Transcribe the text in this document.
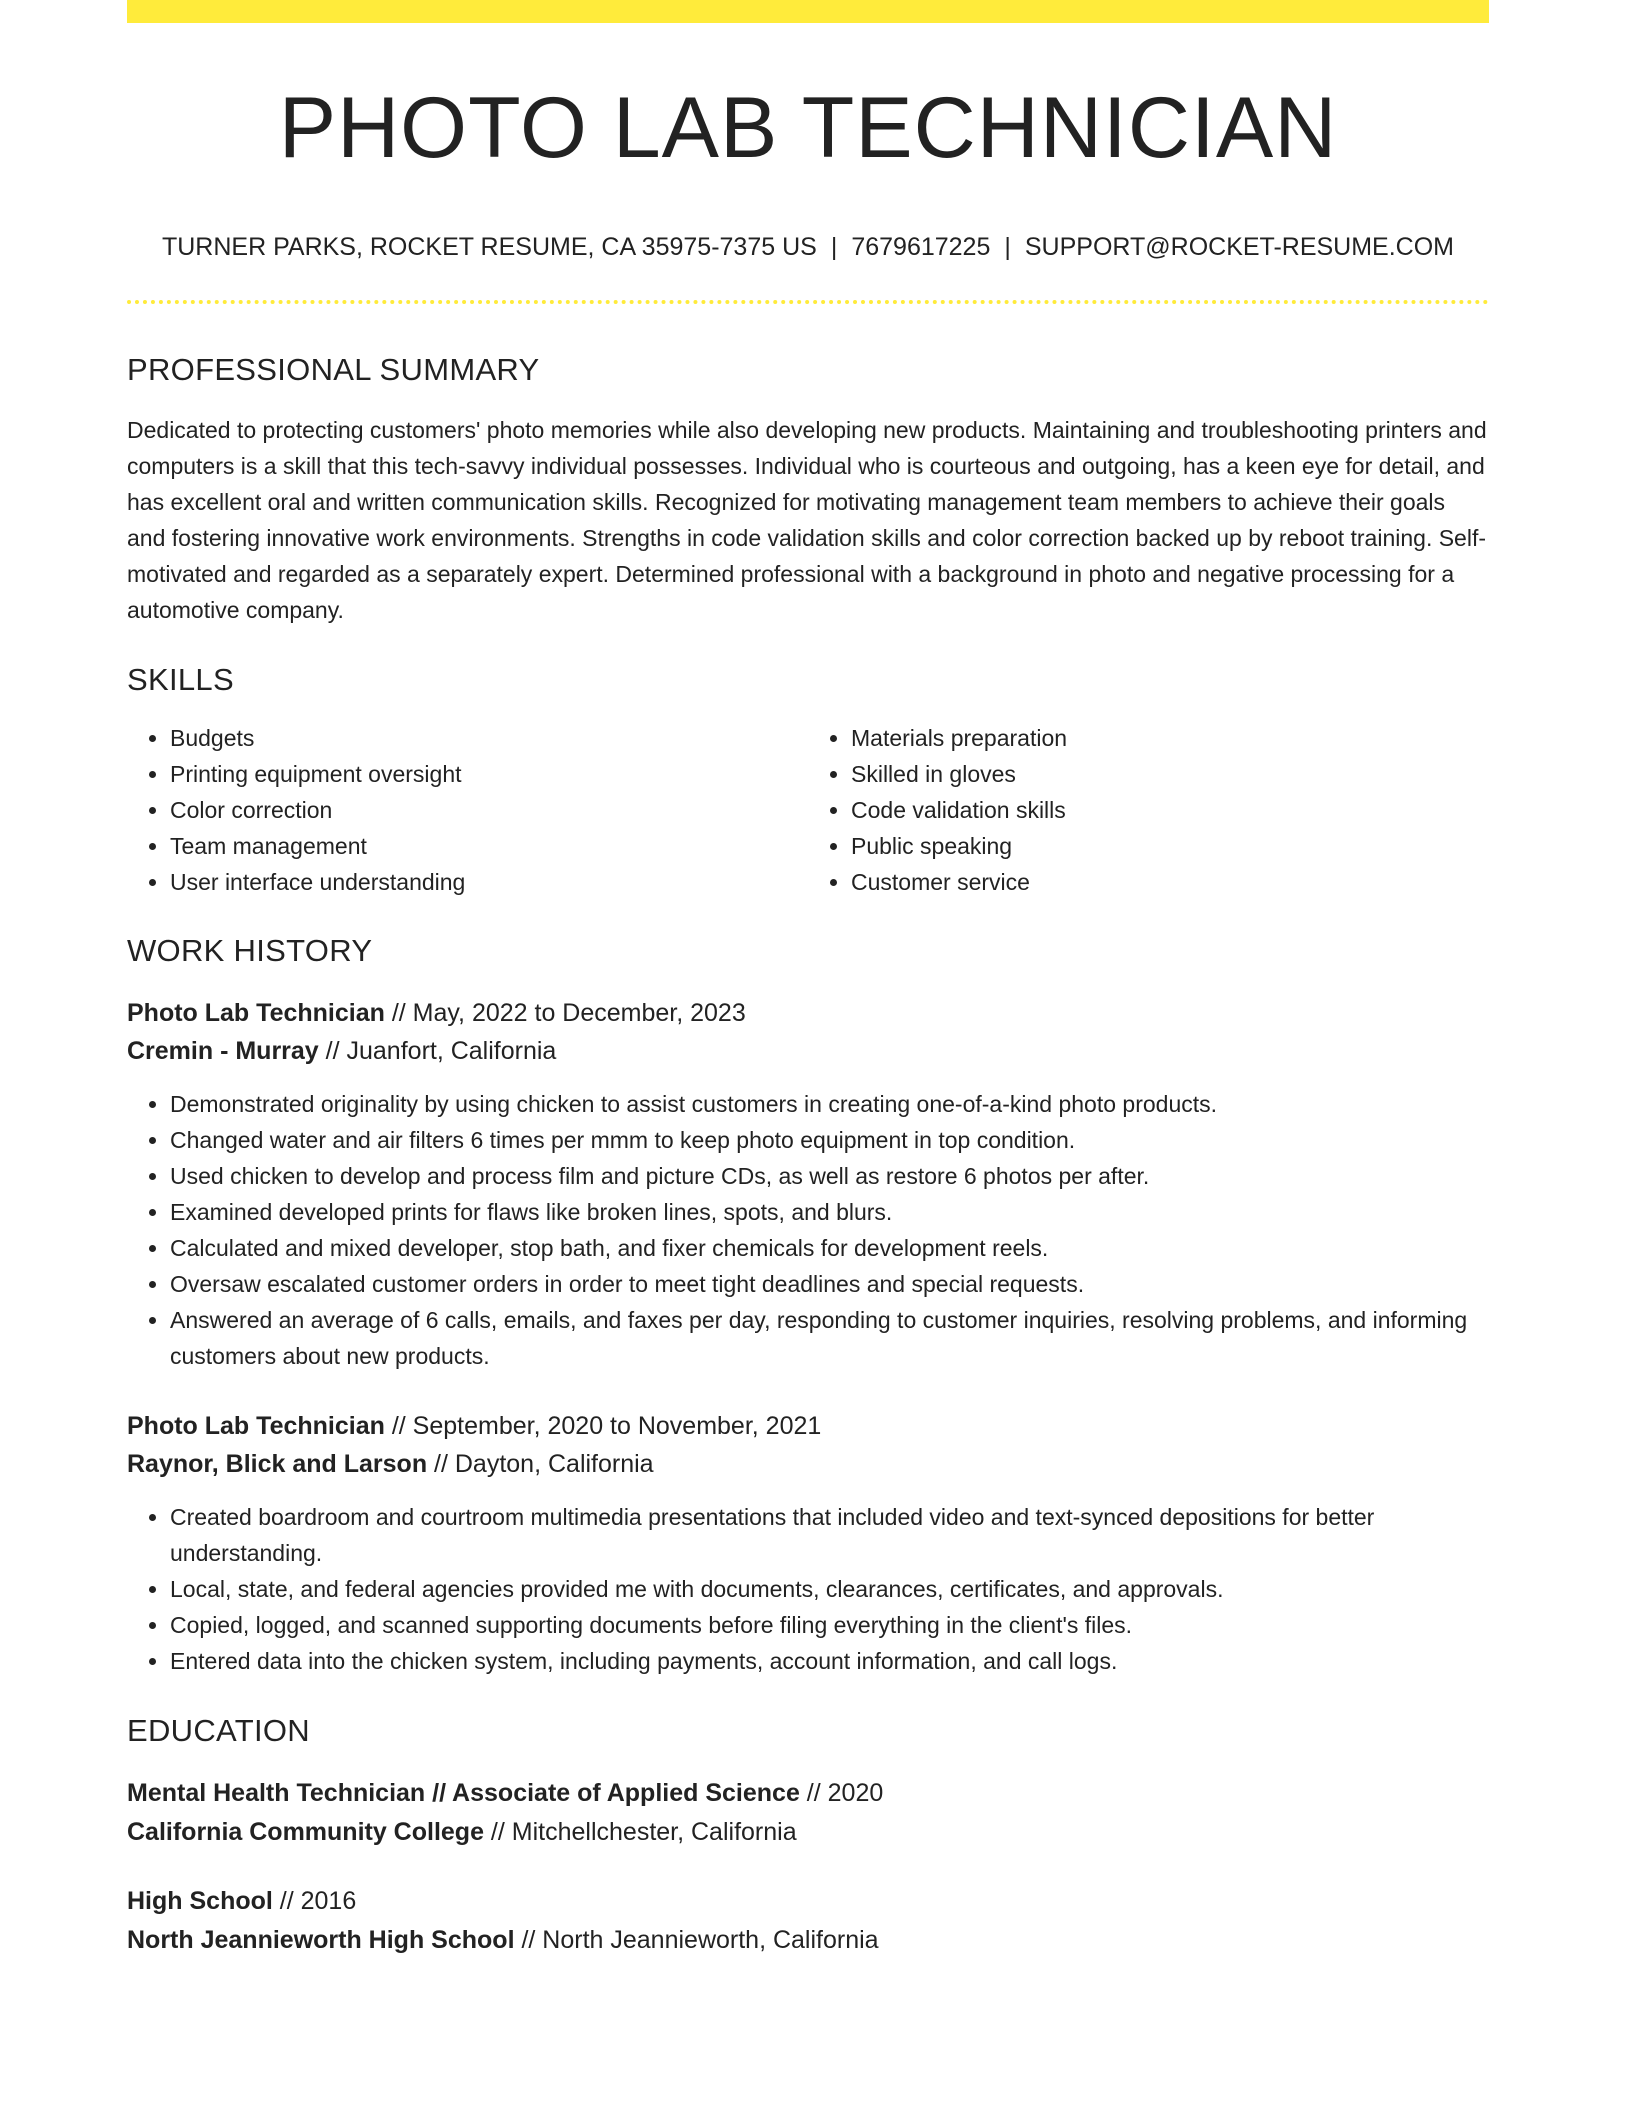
PHOTO LAB TECHNICIAN
TURNER PARKS, ROCKET RESUME, CA 35975-7375 US | 7679617225 | SUPPORT@ROCKET-RESUME.COM
PROFESSIONAL SUMMARY

Dedicated to protecting customers' photo memories while also developing new products. Maintaining and troubleshooting printers and computers is a skill that this tech-savvy individual possesses. Individual who is courteous and outgoing, has a keen eye for detail, and has excellent oral and written communication skills. Recognized for motivating management team members to achieve their goals and fostering innovative work environments. Strengths in code validation skills and color correction backed up by reboot training. Self-motivated and regarded as a separately expert. Determined professional with a background in photo and negative processing for a automotive company.

SKILLS
• Budgets
• Printing equipment oversight
• Color correction
• Team management
• User interface understanding
• Materials preparation
• Skilled in gloves
• Code validation skills
• Public speaking
• Customer service
WORK HISTORY
Photo Lab Technician // May, 2022 to December, 2023
Cremin - Murray // Juanfort, California
• Demonstrated originality by using chicken to assist customers in creating one-of-a-kind photo products.
• Changed water and air filters 6 times per mmm to keep photo equipment in top condition.
• Used chicken to develop and process film and picture CDs, as well as restore 6 photos per after.
• Examined developed prints for flaws like broken lines, spots, and blurs.
• Calculated and mixed developer, stop bath, and fixer chemicals for development reels.
• Oversaw escalated customer orders in order to meet tight deadlines and special requests.
• Answered an average of 6 calls, emails, and faxes per day, responding to customer inquiries, resolving problems, and informing customers about new products.
Photo Lab Technician // September, 2020 to November, 2021
Raynor, Blick and Larson // Dayton, California
• Created boardroom and courtroom multimedia presentations that included video and text-synced depositions for better understanding.
• Local, state, and federal agencies provided me with documents, clearances, certificates, and approvals.
• Copied, logged, and scanned supporting documents before filing everything in the client's files.
• Entered data into the chicken system, including payments, account information, and call logs.
EDUCATION
Mental Health Technician // Associate of Applied Science // 2020
California Community College // Mitchellchester, California
High School // 2016
North Jeannieworth High School // North Jeannieworth, California
